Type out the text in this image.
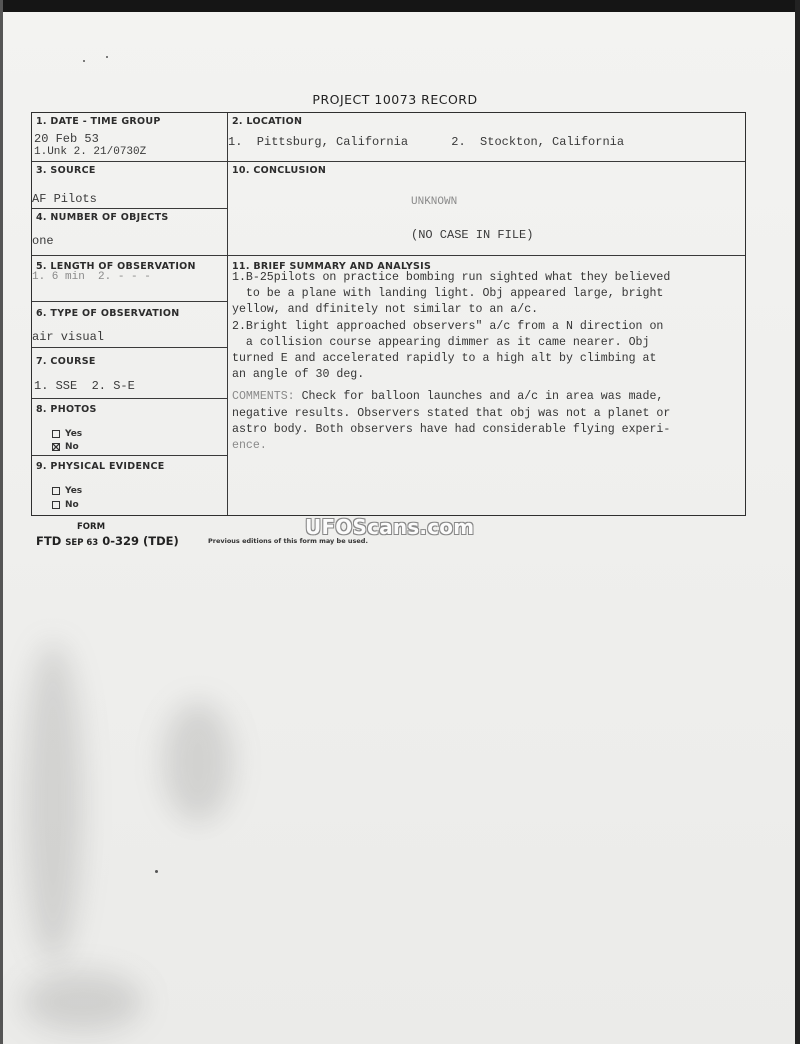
PROJECT 10073 RECORD
1. DATE - TIME GROUP
20 Feb 53
1.Unk 2. 21/0730Z
2. LOCATION
1.  Pittsburg, California      2.  Stockton, California
3. SOURCE
AF Pilots
10. CONCLUSION
UNKNOWN
(NO CASE IN FILE)
4. NUMBER OF OBJECTS
one
5. LENGTH OF OBSERVATION
1. 6 min  2. - - -
6. TYPE OF OBSERVATION
air visual
7. COURSE
1. SSE  2. S-E
8. PHOTOS
Yes
No
9. PHYSICAL EVIDENCE
Yes
No
11. BRIEF SUMMARY AND ANALYSIS
1.B-25pilots on practice bombing run sighted what they believed
to be a plane with landing light. Obj appeared large, bright
yellow, and dfinitely not similar to an a/c.
2.Bright light approached observers" a/c from a N direction on
a collision course appearing dimmer as it came nearer. Obj
turned E and accelerated rapidly to a high alt by climbing at
an angle of 30 deg.
COMMENTS: Check for balloon launches and a/c in area was made,
negative results. Observers stated that obj was not a planet or
astro body. Both observers have had considerable flying experi-
ence.
FORM
FTD SEP 63 0-329 (TDE)	Previous editions of this form may be used.
UFOScans.com
